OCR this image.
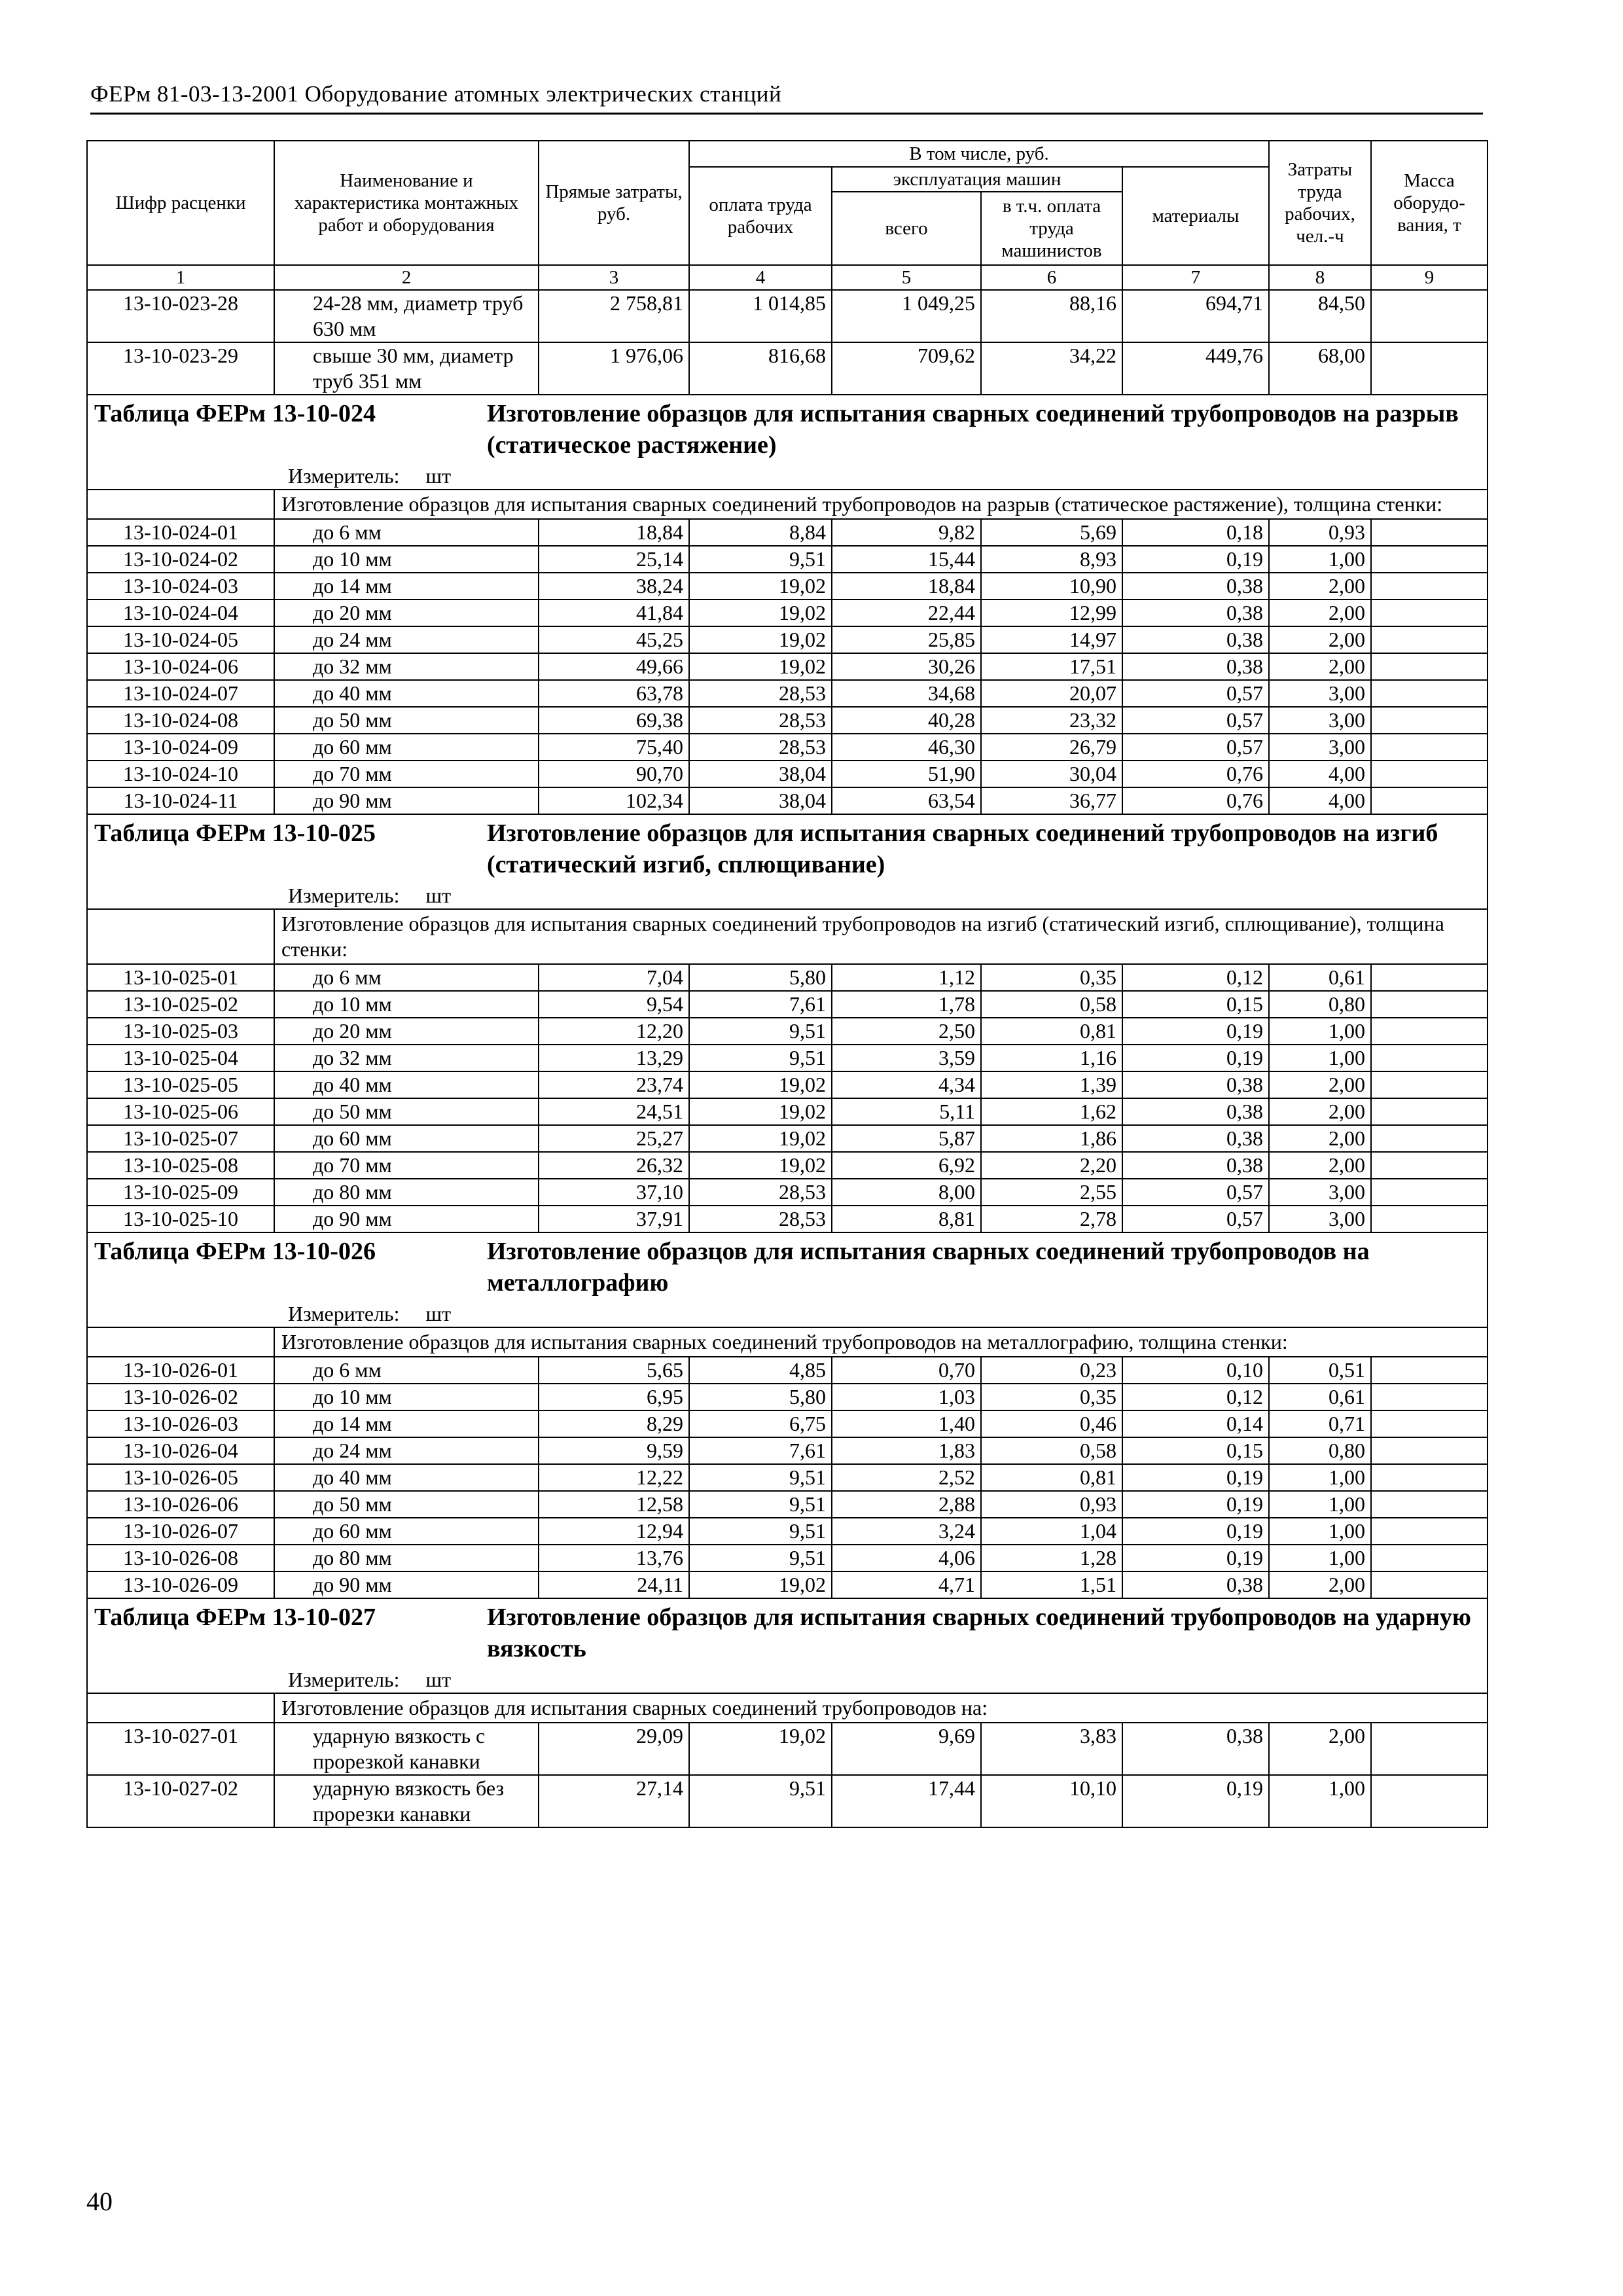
ФЕРм 81-03-13-2001 Оборудование атомных электрических станций
Шифр расценки	Наименование и характеристика монтажных работ и оборудования	Прямые затраты, руб.	В том числе, руб.				Затраты труда рабочих, чел.-ч	Масса оборудо-вания, т
			оплата труда рабочих	эксплуатация машин		материалы		
				всего	в т.ч. оплата труда машинистов			
1	2	3	4	5	6	7	8	9
13-10-023-28	24-28 мм, диаметр труб 630 мм	2 758,81	1 014,85	1 049,25	88,16	694,71	84,50	
13-10-023-29	свыше 30 мм, диаметр труб 351 мм	1 976,06	816,68	709,62	34,22	449,76	68,00	

Таблица ФЕРм 13-10-024 Изготовление образцов для испытания сварных соединений трубопроводов на разрыв (статическое растяжение)								

Измеритель: шт								
	Изготовление образцов для испытания сварных соединений трубопроводов на разрыв (статическое растяжение), толщина стенки:							
13-10-024-01	до 6 мм	18,84	8,84	9,82	5,69	0,18	0,93	
13-10-024-02	до 10 мм	25,14	9,51	15,44	8,93	0,19	1,00	
13-10-024-03	до 14 мм	38,24	19,02	18,84	10,90	0,38	2,00	
13-10-024-04	до 20 мм	41,84	19,02	22,44	12,99	0,38	2,00	
13-10-024-05	до 24 мм	45,25	19,02	25,85	14,97	0,38	2,00	
13-10-024-06	до 32 мм	49,66	19,02	30,26	17,51	0,38	2,00	
13-10-024-07	до 40 мм	63,78	28,53	34,68	20,07	0,57	3,00	
13-10-024-08	до 50 мм	69,38	28,53	40,28	23,32	0,57	3,00	
13-10-024-09	до 60 мм	75,40	28,53	46,30	26,79	0,57	3,00	
13-10-024-10	до 70 мм	90,70	38,04	51,90	30,04	0,76	4,00	
13-10-024-11	до 90 мм	102,34	38,04	63,54	36,77	0,76	4,00	

Таблица ФЕРм 13-10-025 Изготовление образцов для испытания сварных соединений трубопроводов на изгиб (статический изгиб, сплющивание)								

Измеритель: шт								
	Изготовление образцов для испытания сварных соединений трубопроводов на изгиб (статический изгиб, сплющивание), толщина стенки:							
13-10-025-01	до 6 мм	7,04	5,80	1,12	0,35	0,12	0,61	
13-10-025-02	до 10 мм	9,54	7,61	1,78	0,58	0,15	0,80	
13-10-025-03	до 20 мм	12,20	9,51	2,50	0,81	0,19	1,00	
13-10-025-04	до 32 мм	13,29	9,51	3,59	1,16	0,19	1,00	
13-10-025-05	до 40 мм	23,74	19,02	4,34	1,39	0,38	2,00	
13-10-025-06	до 50 мм	24,51	19,02	5,11	1,62	0,38	2,00	
13-10-025-07	до 60 мм	25,27	19,02	5,87	1,86	0,38	2,00	
13-10-025-08	до 70 мм	26,32	19,02	6,92	2,20	0,38	2,00	
13-10-025-09	до 80 мм	37,10	28,53	8,00	2,55	0,57	3,00	
13-10-025-10	до 90 мм	37,91	28,53	8,81	2,78	0,57	3,00	

Таблица ФЕРм 13-10-026 Изготовление образцов для испытания сварных соединений трубопроводов на металлографию								

Измеритель: шт								
	Изготовление образцов для испытания сварных соединений трубопроводов на металлографию, толщина стенки:							
13-10-026-01	до 6 мм	5,65	4,85	0,70	0,23	0,10	0,51	
13-10-026-02	до 10 мм	6,95	5,80	1,03	0,35	0,12	0,61	
13-10-026-03	до 14 мм	8,29	6,75	1,40	0,46	0,14	0,71	
13-10-026-04	до 24 мм	9,59	7,61	1,83	0,58	0,15	0,80	
13-10-026-05	до 40 мм	12,22	9,51	2,52	0,81	0,19	1,00	
13-10-026-06	до 50 мм	12,58	9,51	2,88	0,93	0,19	1,00	
13-10-026-07	до 60 мм	12,94	9,51	3,24	1,04	0,19	1,00	
13-10-026-08	до 80 мм	13,76	9,51	4,06	1,28	0,19	1,00	
13-10-026-09	до 90 мм	24,11	19,02	4,71	1,51	0,38	2,00	

Таблица ФЕРм 13-10-027 Изготовление образцов для испытания сварных соединений трубопроводов на ударную вязкость								

Измеритель: шт								
	Изготовление образцов для испытания сварных соединений трубопроводов на:							
13-10-027-01	ударную вязкость с прорезкой канавки	29,09	19,02	9,69	3,83	0,38	2,00	
13-10-027-02	ударную вязкость без прорезки канавки	27,14	9,51	17,44	10,10	0,19	1,00	
40
